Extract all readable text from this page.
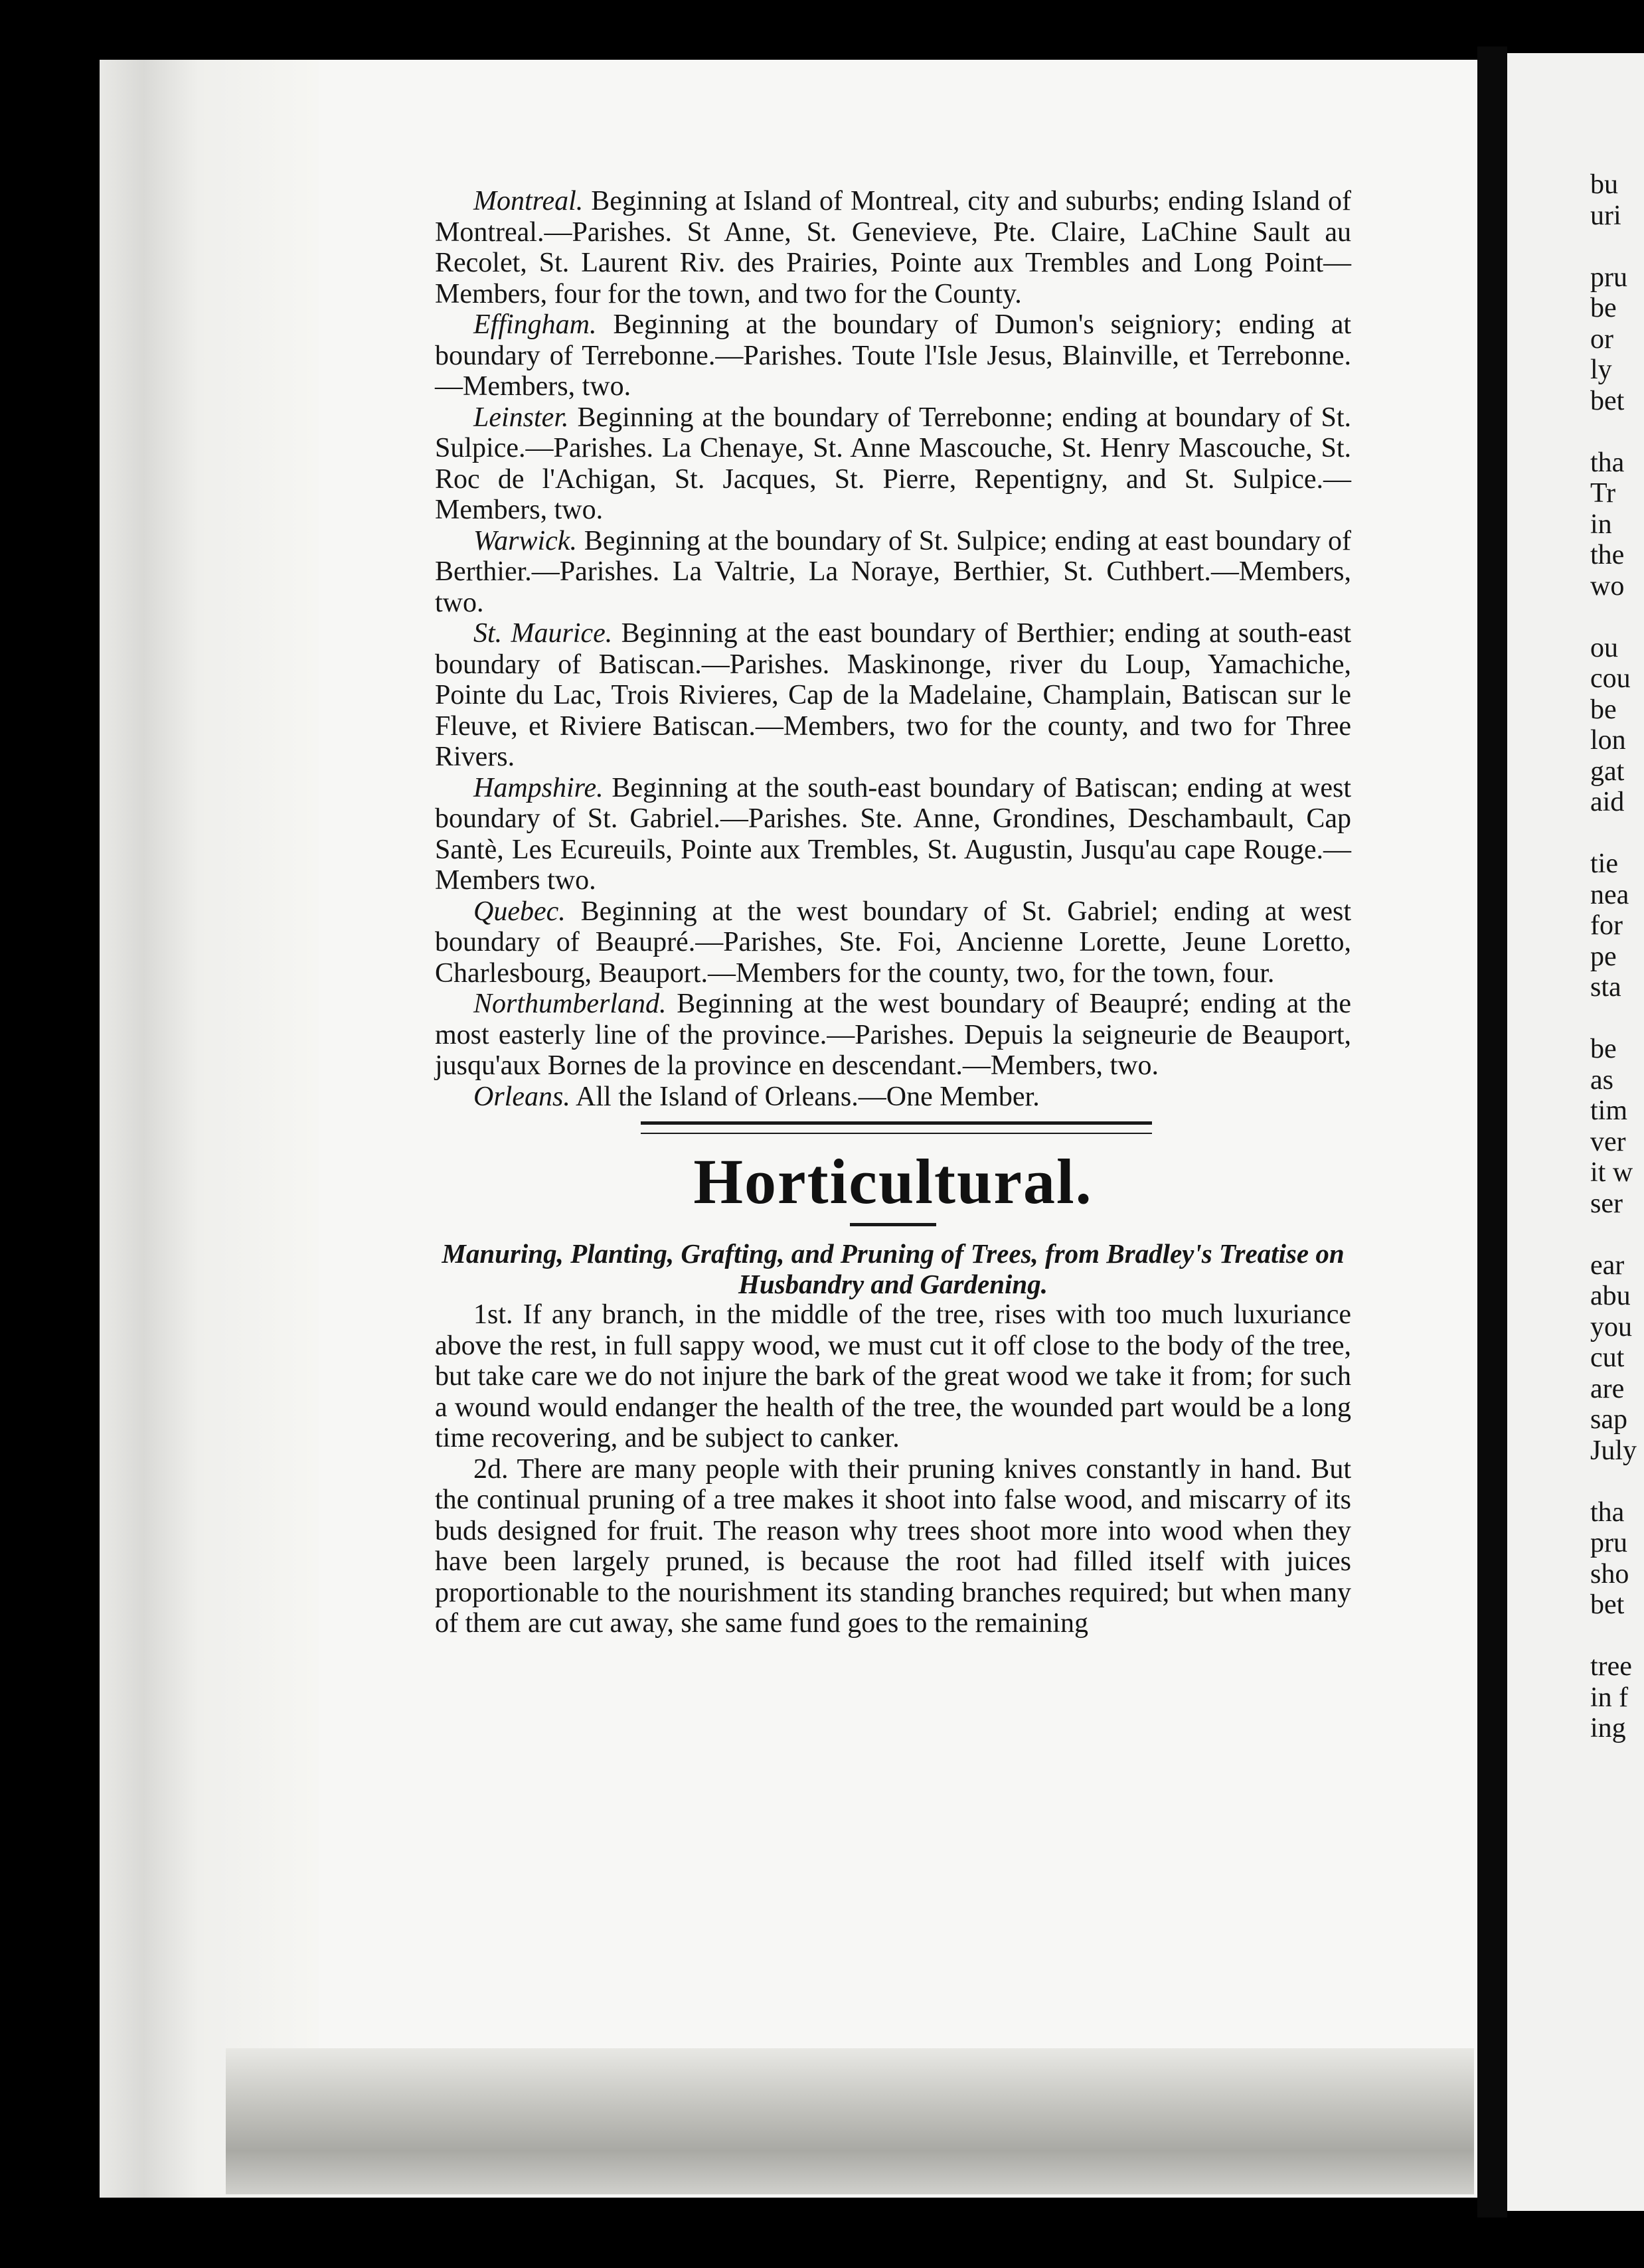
bu
uri

pru
be
or
ly
bet

tha
Tr
in
the
wo

ou
cou
be
lon
gat
aid

tie
nea
for
pe
sta

be
as
tim
ver
it w
ser

ear
abu
you
cut
are
sap
July

tha
pru
sho
bet

tree
in f
ing

Montreal. Beginning at Island of Montreal, city and suburbs; ending Island of Montreal.—Parishes. St Anne, St. Genevieve, Pte. Claire, LaChine Sault au Recolet, St. Laurent Riv. des Prairies, Pointe aux Trembles and Long Point—Members, four for the town, and two for the County.

Effingham. Beginning at the boundary of Dumon's seigniory; ending at boundary of Terrebonne.—Parishes. Toute l'Isle Jesus, Blainville, et Terrebonne.—Members, two.

Leinster. Beginning at the boundary of Terrebonne; ending at boundary of St. Sulpice.—Parishes. La Chenaye, St. Anne Mascouche, St. Henry Mascouche, St. Roc de l'Achigan, St. Jacques, St. Pierre, Repentigny, and St. Sulpice.—Members, two.

Warwick. Beginning at the boundary of St. Sulpice; ending at east boundary of Berthier.—Parishes. La Valtrie, La Noraye, Berthier, St. Cuthbert.—Members, two.

St. Maurice. Beginning at the east boundary of Berthier; ending at south-east boundary of Batiscan.—Parishes. Maskinonge, river du Loup, Yamachiche, Pointe du Lac, Trois Rivieres, Cap de la Madelaine, Champlain, Batiscan sur le Fleuve, et Riviere Batiscan.—Members, two for the county, and two for Three Rivers.

Hampshire. Beginning at the south-east boundary of Batiscan; ending at west boundary of St. Gabriel.—Parishes. Ste. Anne, Grondines, Deschambault, Cap Santè, Les Ecureuils, Pointe aux Trembles, St. Augustin, Jusqu'au cape Rouge.—Members two.

Quebec. Beginning at the west boundary of St. Gabriel; ending at west boundary of Beaupré.—Parishes, Ste. Foi, Ancienne Lorette, Jeune Loretto, Charlesbourg, Beauport.—Members for the county, two, for the town, four.

Northumberland. Beginning at the west boundary of Beaupré; ending at the most easterly line of the province.—Parishes. Depuis la seigneurie de Beauport, jusqu'aux Bornes de la province en descendant.—Members, two.

Orleans. All the Island of Orleans.—One Member.

Horticultural.

Manuring, Planting, Grafting, and Pruning of Trees, from Bradley's Treatise on Husbandry and Gardening.

1st. If any branch, in the middle of the tree, rises with too much luxuriance above the rest, in full sappy wood, we must cut it off close to the body of the tree, but take care we do not injure the bark of the great wood we take it from; for such a wound would endanger the health of the tree, the wounded part would be a long time recovering, and be subject to canker.

2d. There are many people with their pruning knives constantly in hand. But the continual pruning of a tree makes it shoot into false wood, and miscarry of its buds designed for fruit. The reason why trees shoot more into wood when they have been largely pruned, is because the root had filled itself with juices proportionable to the nourishment its standing branches required; but when many of them are cut away, she same fund goes to the remaining
